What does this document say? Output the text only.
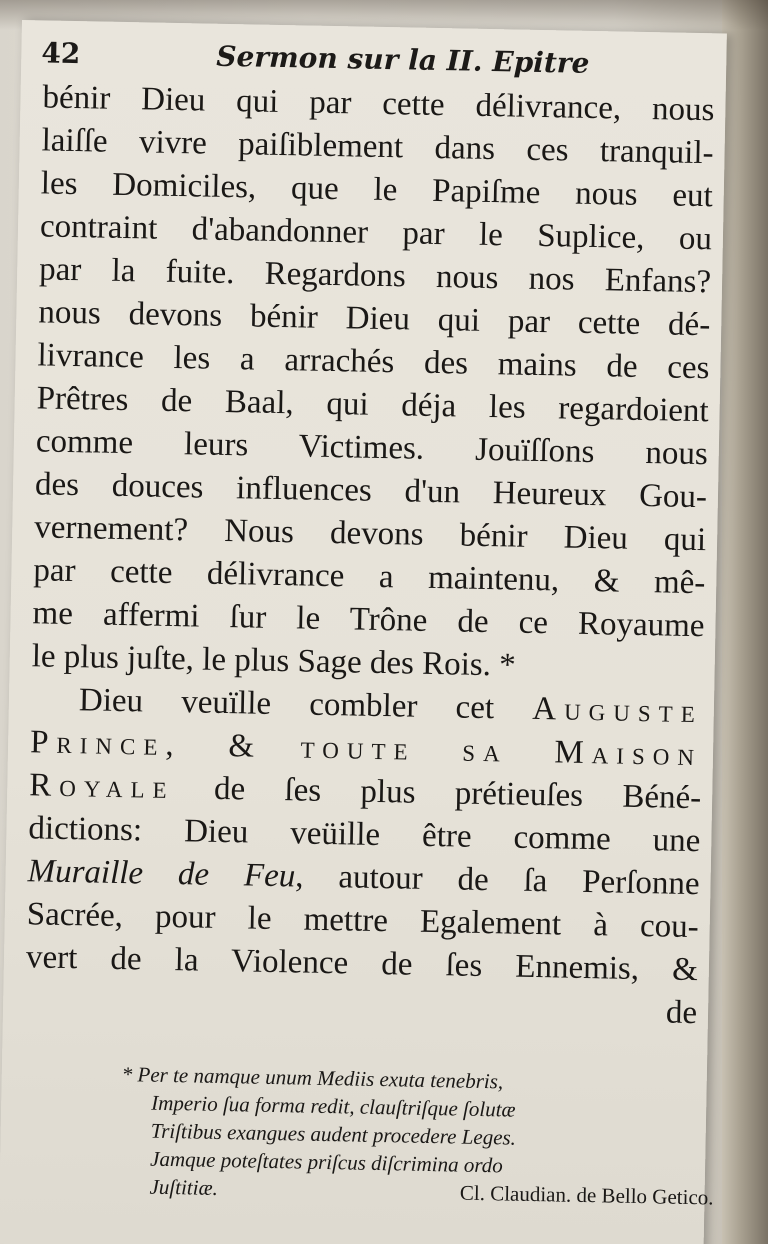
42	Sermon sur la II. Epitre
bénir Dieu qui par cette délivrance, nous
laiſſe vivre paiſiblement dans ces tranquil-
les Domiciles, que le Papiſme nous eut
contraint d'abandonner par le Suplice, ou
par la fuite. Regardons nous nos Enfans?
nous devons bénir Dieu qui par cette dé-
livrance les a arrachés des mains de ces
Prêtres de Baal, qui déja les regardoient
comme leurs Victimes. Jouïſſons nous
des douces influences d'un Heureux Gou-
vernement? Nous devons bénir Dieu qui
par cette délivrance a maintenu, & mê-
me affermi ſur le Trône de ce Royaume
le plus juſte, le plus Sage des Rois. *
Dieu veuïlle combler cet Auguste
Prince, & toute sa Maison
Royale de ſes plus prétieuſes Béné-
dictions: Dieu veüille être comme une
Muraille de Feu, autour de ſa Perſonne
Sacrée, pour le mettre Egalement à cou-
vert de la Violence de ſes Ennemis, &
de
* Per te namque unum Mediis exuta tenebris,
Imperio ſua forma redit, clauſtriſque ſolutæ
Triſtibus exangues audent procedere Leges.
Jamque poteſtates priſcus diſcrimina ordo
Juſtitiæ.	Cl. Claudian. de Bello Getico.
